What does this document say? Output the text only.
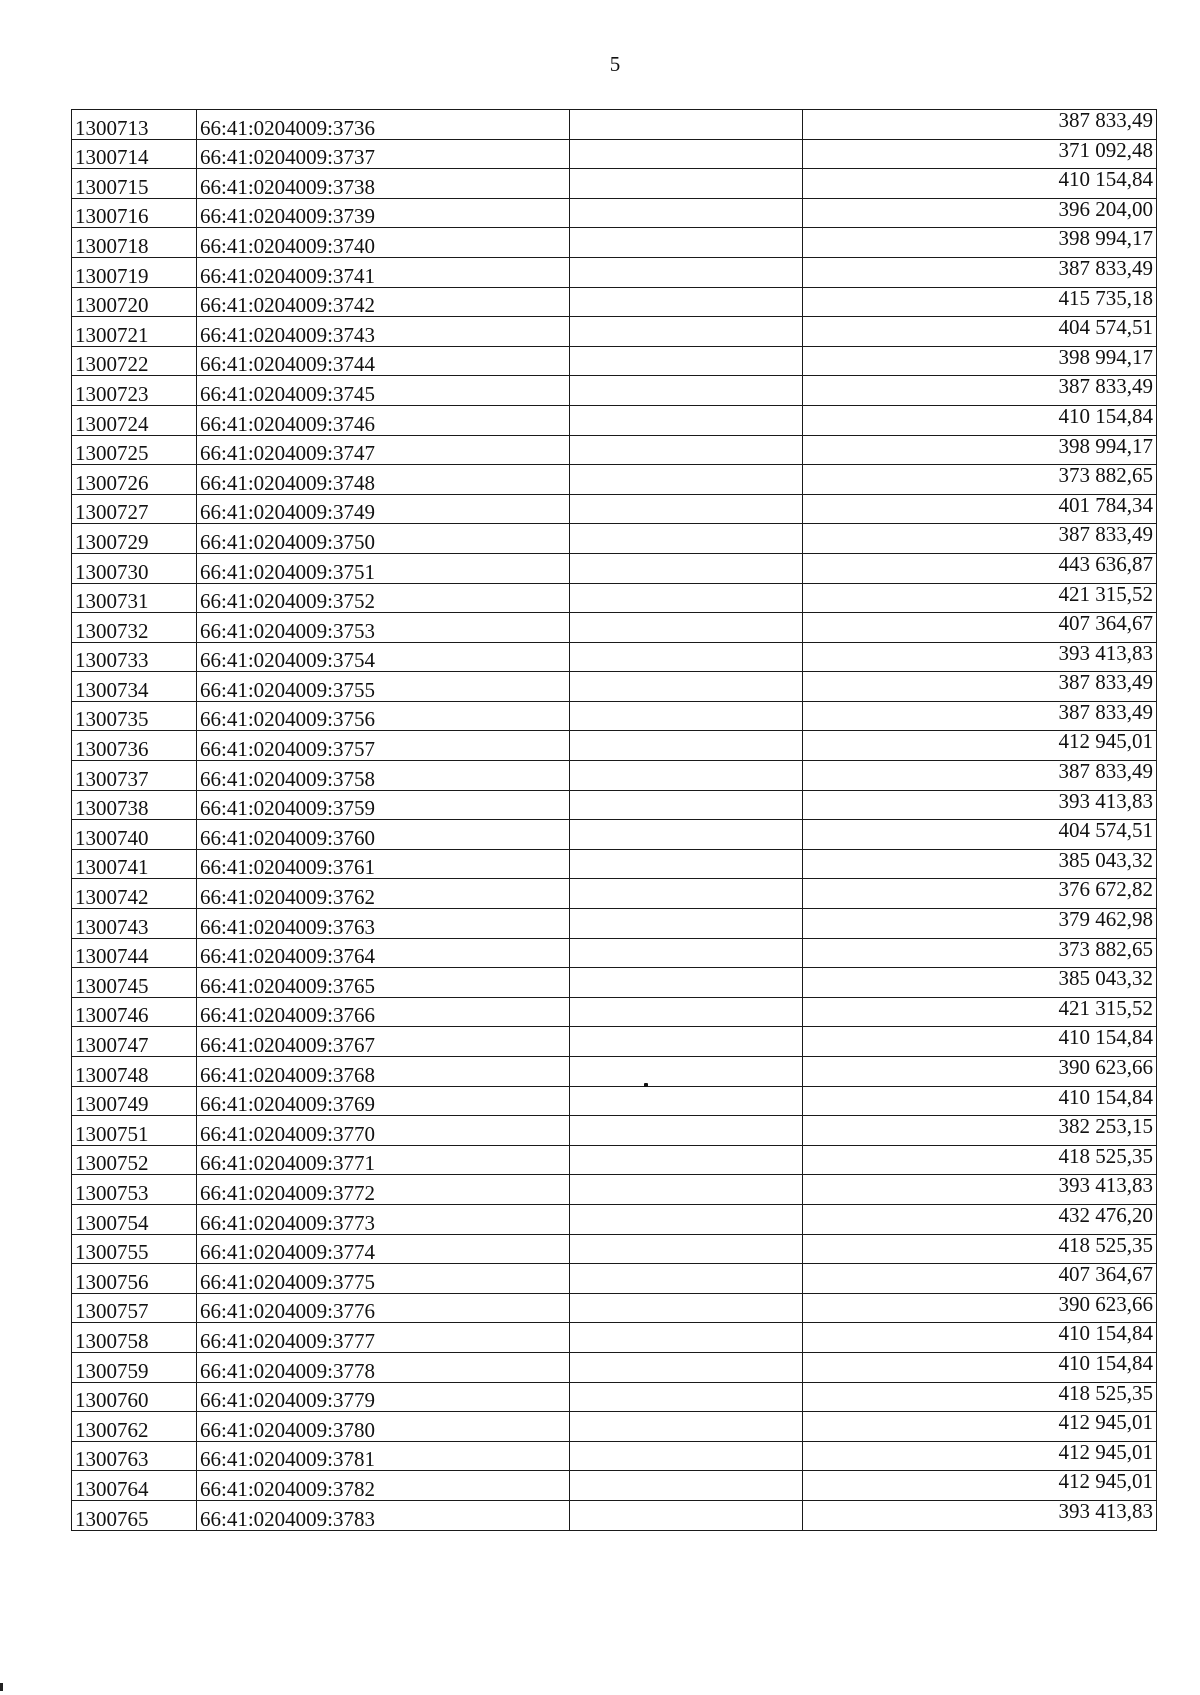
5
1300713	66:41:0204009:3736		387 833,49
1300714	66:41:0204009:3737		371 092,48
1300715	66:41:0204009:3738		410 154,84
1300716	66:41:0204009:3739		396 204,00
1300718	66:41:0204009:3740		398 994,17
1300719	66:41:0204009:3741		387 833,49
1300720	66:41:0204009:3742		415 735,18
1300721	66:41:0204009:3743		404 574,51
1300722	66:41:0204009:3744		398 994,17
1300723	66:41:0204009:3745		387 833,49
1300724	66:41:0204009:3746		410 154,84
1300725	66:41:0204009:3747		398 994,17
1300726	66:41:0204009:3748		373 882,65
1300727	66:41:0204009:3749		401 784,34
1300729	66:41:0204009:3750		387 833,49
1300730	66:41:0204009:3751		443 636,87
1300731	66:41:0204009:3752		421 315,52
1300732	66:41:0204009:3753		407 364,67
1300733	66:41:0204009:3754		393 413,83
1300734	66:41:0204009:3755		387 833,49
1300735	66:41:0204009:3756		387 833,49
1300736	66:41:0204009:3757		412 945,01
1300737	66:41:0204009:3758		387 833,49
1300738	66:41:0204009:3759		393 413,83
1300740	66:41:0204009:3760		404 574,51
1300741	66:41:0204009:3761		385 043,32
1300742	66:41:0204009:3762		376 672,82
1300743	66:41:0204009:3763		379 462,98
1300744	66:41:0204009:3764		373 882,65
1300745	66:41:0204009:3765		385 043,32
1300746	66:41:0204009:3766		421 315,52
1300747	66:41:0204009:3767		410 154,84
1300748	66:41:0204009:3768		390 623,66
1300749	66:41:0204009:3769		410 154,84
1300751	66:41:0204009:3770		382 253,15
1300752	66:41:0204009:3771		418 525,35
1300753	66:41:0204009:3772		393 413,83
1300754	66:41:0204009:3773		432 476,20
1300755	66:41:0204009:3774		418 525,35
1300756	66:41:0204009:3775		407 364,67
1300757	66:41:0204009:3776		390 623,66
1300758	66:41:0204009:3777		410 154,84
1300759	66:41:0204009:3778		410 154,84
1300760	66:41:0204009:3779		418 525,35
1300762	66:41:0204009:3780		412 945,01
1300763	66:41:0204009:3781		412 945,01
1300764	66:41:0204009:3782		412 945,01
1300765	66:41:0204009:3783		393 413,83
